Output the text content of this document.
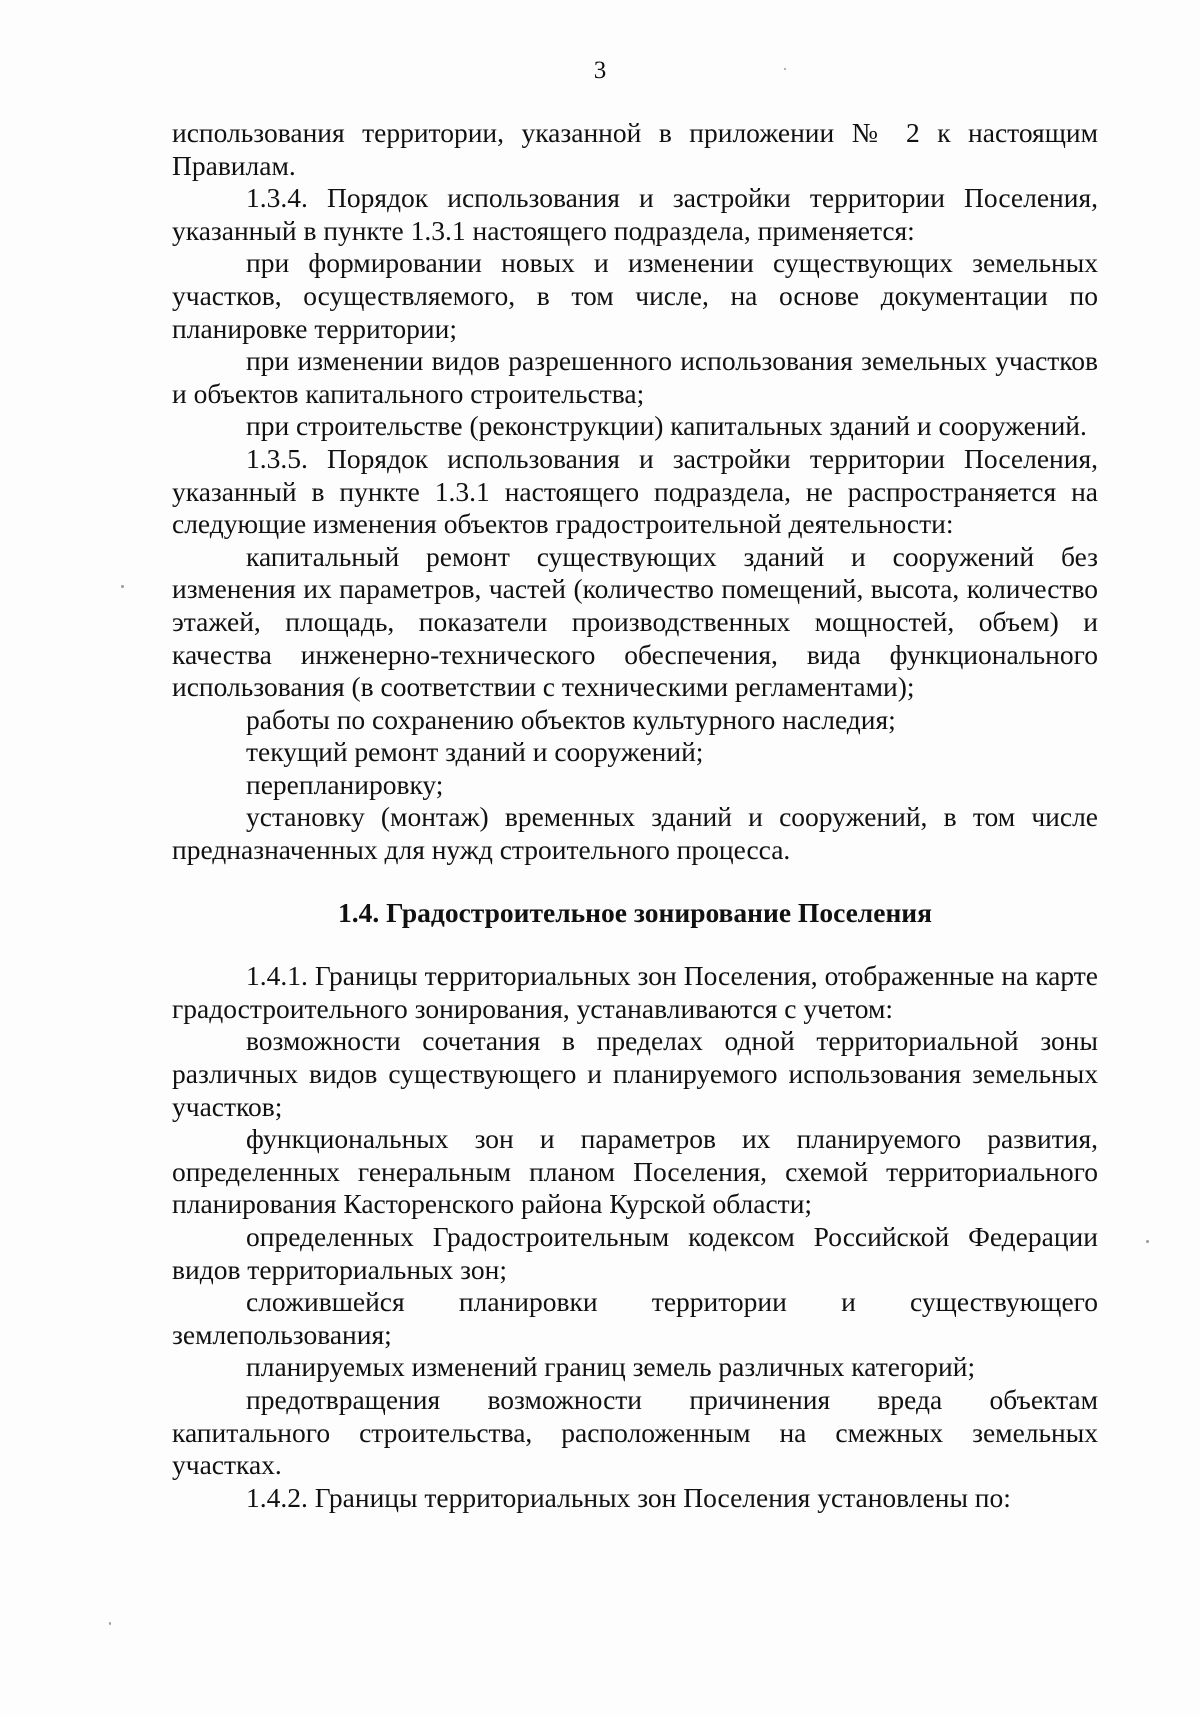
3

использования территории, указанной в приложении № 2 к настоящим Правилам.

1.3.4. Порядок использования и застройки территории Поселения, указанный в пункте 1.3.1 настоящего подраздела, применяется:

при формировании новых и изменении существующих земельных участков, осуществляемого, в том числе, на основе документации по планировке территории;

при изменении видов разрешенного использования земельных участков и объектов капитального строительства;

при строительстве (реконструкции) капитальных зданий и сооружений.

1.3.5. Порядок использования и застройки территории Поселения, указанный в пункте 1.3.1 настоящего подраздела, не распространяется на следующие изменения объектов градостроительной деятельности:

капитальный ремонт существующих зданий и сооружений без изменения их параметров, частей (количество помещений, высота, количество этажей, площадь, показатели производственных мощностей, объем) и качества инженерно-технического обеспечения, вида функционального использования (в соответствии с техническими регламентами);

работы по сохранению объектов культурного наследия;

текущий ремонт зданий и сооружений;

перепланировку;

установку (монтаж) временных зданий и сооружений, в том числе предназначенных для нужд строительного процесса.

1.4. Градостроительное зонирование Поселения

1.4.1. Границы территориальных зон Поселения, отображенные на карте градостроительного зонирования, устанавливаются с учетом:

возможности сочетания в пределах одной территориальной зоны различных видов существующего и планируемого использования земельных участков;

функциональных зон и параметров их планируемого развития, определенных генеральным планом Поселения, схемой территориального планирования Касторенского района Курской области;

определенных Градостроительным кодексом Российской Федерации видов территориальных зон;

сложившейся планировки территории и существующего землепользования;

планируемых изменений границ земель различных категорий;

предотвращения возможности причинения вреда объектам капитального строительства, расположенным на смежных земельных участках.

1.4.2. Границы территориальных зон Поселения установлены по:
